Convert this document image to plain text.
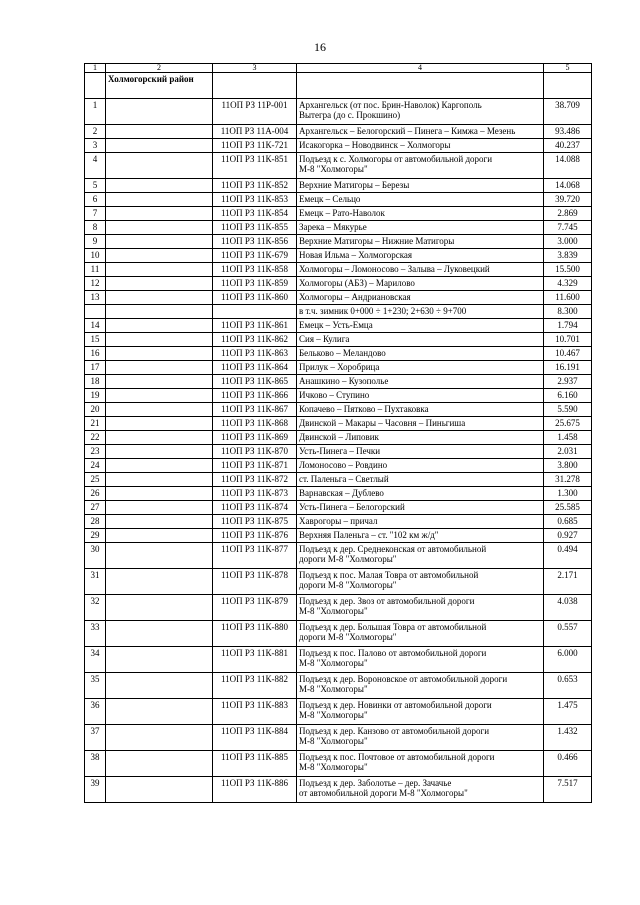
16
1	2	3	4	5
	Холмогорский район			
1		11ОП РЗ 11Р-001	Архангельск (от пос. Брин-Наволок) Каргополь
Вытегра (до с. Прокшино)	38.709
2		11ОП РЗ 11А-004	Архангельск – Белогорский – Пинега – Кимжа – Мезень	93.486
3		11ОП РЗ 11К-721	Исакогорка – Новодвинск – Холмогоры	40.237
4		11ОП РЗ 11К-851	Подъезд к с. Холмогоры от автомобильной дороги
М-8 "Холмогоры"	14.088
5		11ОП РЗ 11К-852	Верхние Матигоры – Березы	14.068
6		11ОП РЗ 11К-853	Емецк – Сельцо	39.720
7		11ОП РЗ 11К-854	Емецк – Рато-Наволок	2.869
8		11ОП РЗ 11К-855	Зарека – Мякурье	7.745
9		11ОП РЗ 11К-856	Верхние Матигоры – Нижние Матигоры	3.000
10		11ОП РЗ 11К-679	Новая Ильма – Холмогорская	3.839
11		11ОП РЗ 11К-858	Холмогоры – Ломоносово – Залыва – Луковецкий	15.500
12		11ОП РЗ 11К-859	Холмогоры (АБЗ) – Марилово	4.329
13		11ОП РЗ 11К-860	Холмогоры – Андриановская	11.600
			в т.ч. зимник 0+000 ÷ 1+230; 2+630 ÷ 9+700	8.300
14		11ОП РЗ 11К-861	Емецк – Усть-Емца	1.794
15		11ОП РЗ 11К-862	Сия – Кулига	10.701
16		11ОП РЗ 11К-863	Бельково – Меландово	10.467
17		11ОП РЗ 11К-864	Прилук – Хоробрица	16.191
18		11ОП РЗ 11К-865	Анашкино – Кузополье	2.937
19		11ОП РЗ 11К-866	Ичково – Ступино	6.160
20		11ОП РЗ 11К-867	Копачево – Пятково – Пухтаковка	5.590
21		11ОП РЗ 11К-868	Двинской – Макары – Часовня – Пиньгиша	25.675
22		11ОП РЗ 11К-869	Двинской – Липовик	1.458
23		11ОП РЗ 11К-870	Усть-Пинега – Печки	2.031
24		11ОП РЗ 11К-871	Ломоносово – Ровдино	3.800
25		11ОП РЗ 11К-872	ст. Паленьга – Светлый	31.278
26		11ОП РЗ 11К-873	Варнавская – Дублево	1.300
27		11ОП РЗ 11К-874	Усть-Пинега – Белогорский	25.585
28		11ОП РЗ 11К-875	Хаврогоры – причал	0.685
29		11ОП РЗ 11К-876	Верхняя Паленьга – ст. "102 км ж/д"	0.927
30		11ОП РЗ 11К-877	Подъезд к дер. Среднеконская от автомобильной
дороги М-8 "Холмогоры"	0.494
31		11ОП РЗ 11К-878	Подъезд к пос. Малая Товра от автомобильной
дороги М-8 "Холмогоры"	2.171
32		11ОП РЗ 11К-879	Подъезд к дер. Звоз от автомобильной дороги
М-8 "Холмогоры"	4.038
33		11ОП РЗ 11К-880	Подъезд к дер. Большая Товра от автомобильной
дороги М-8 "Холмогоры"	0.557
34		11ОП РЗ 11К-881	Подъезд к пос. Палово от автомобильной дороги
М-8 "Холмогоры"	6.000
35		11ОП РЗ 11К-882	Подъезд к дер. Вороновское от автомобильной дороги
М-8 "Холмогоры"	0.653
36		11ОП РЗ 11К-883	Подъезд к дер. Новинки от автомобильной дороги
М-8 "Холмогоры"	1.475
37		11ОП РЗ 11К-884	Подъезд к дер. Канзово от автомобильной дороги
М-8 "Холмогоры"	1.432
38		11ОП РЗ 11К-885	Подъезд к пос. Почтовое от автомобильной дороги
М-8 "Холмогоры"	0.466
39		11ОП РЗ 11К-886	Подъезд к дер. Заболотье – дер. Зачачье
от автомобильной дороги М-8 "Холмогоры"	7.517
